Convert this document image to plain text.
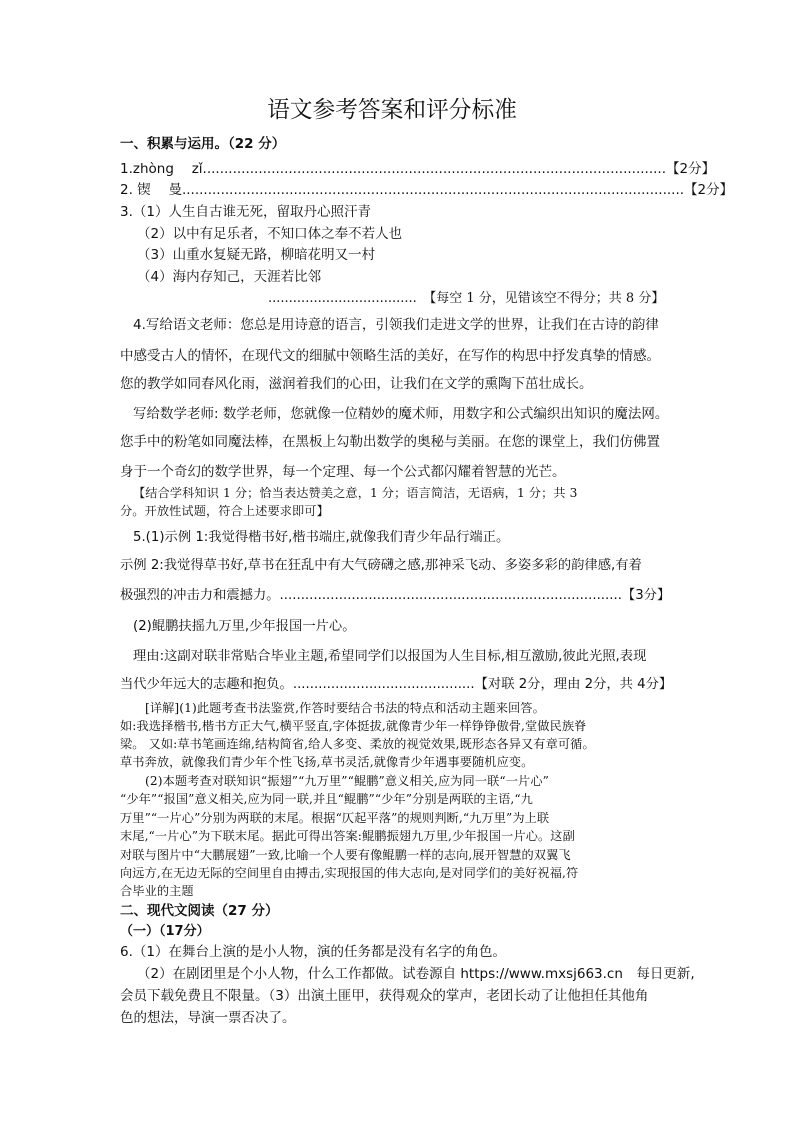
语文参考答案和评分标准
一、积累与运用。（22 分）
1.zhòng　 zǐ............................................................................................................【2分】
2. 锲　 曼.....................................................................................................................【2分】
3.（1）人生自古谁无死，留取丹心照汗青
（2）以中有足乐者，不知口体之奉不若人也
（3）山重水复疑无路，柳暗花明又一村
（4）海内存知己，天涯若比邻
....................................　【每空 1 分，见错该空不得分；共 8 分】
4.写给语文老师：您总是用诗意的语言，引领我们走进文学的世界，让我们在古诗的韵律
中感受古人的情怀，在现代文的细腻中领略生活的美好，在写作的构思中抒发真挚的情感。
您的教学如同春风化雨，滋润着我们的心田，让我们在文学的熏陶下茁壮成长。
写给数学老师: 数学老师，您就像一位精妙的魔术师，用数字和公式编织出知识的魔法网。
您手中的粉笔如同魔法棒，在黑板上勾勒出数学的奥秘与美丽。在您的课堂上，我们仿佛置
身于一个奇幻的数学世界，每一个定理、每一个公式都闪耀着智慧的光芒。
【结合学科知识 1 分；恰当表达赞美之意，1 分；语言简洁，无语病，1 分；共 3
分。开放性试题，符合上述要求即可】
5.(1)示例 1:我觉得楷书好,楷书端庄,就像我们青少年品行端正。
示例 2:我觉得草书好,草书在狂乱中有大气磅礴之感,那神采飞动、多姿多彩的韵律感,有着
极强烈的冲击力和震撼力。.................................................................................【3分】
(2)鲲鹏扶摇九万里,少年报国一片心。
理由:这副对联非常贴合毕业主题,希望同学们以报国为人生目标,相互激励,彼此光照,表现
当代少年远大的志趣和抱负。...........................................【对联 2分，理由 2分，共 4分】
[详解](1)此题考查书法鉴赏,作答时要结合书法的特点和活动主题来回答。
如:我选择楷书,楷书方正大气,横平竖直,字体挺拔,就像青少年一样铮铮傲骨,堂做民族脊
梁。 又如:草书笔画连绵,结构简省,给人多变、柔放的视觉效果,既形态各异又有章可循。
草书奔放，就像我们青少年个性飞扬,草书灵活,就像青少年遇事要随机应变。
(2)本题考查对联知识“振翅”“九万里”“鲲鹏”意义相关,应为同一联“一片心”
“少年”“报国”意义相关,应为同一联,并且“鲲鹏”“少年”分别是两联的主语,“九
万里”“一片心”分别为两联的末尾。根据“仄起平落”的规则判断,“九万里”为上联
末尾,“一片心”为下联末尾。据此可得出答案:鲲鹏振翅九万里,少年报国一片心。这副
对联与图片中“大鹏展翅”一致,比喻一个人要有像鲲鹏一样的志向,展开智慧的双翼飞
向远方,在无边无际的空间里自由搏击,实现报国的伟大志向,是对同学们的美好祝福,符
合毕业的主题
二、现代文阅读（27 分）
（一）（17分）
6.（1）在舞台上演的是小人物，演的任务都是没有名字的角色。
（2）在剧团里是个小人物，什么工作都做。试卷源自 https://www.mxsj663.cn　每日更新,
会员下载免费且不限量。（3）出演土匪甲，获得观众的掌声，老团长动了让他担任其他角
色的想法，导演一票否决了。
